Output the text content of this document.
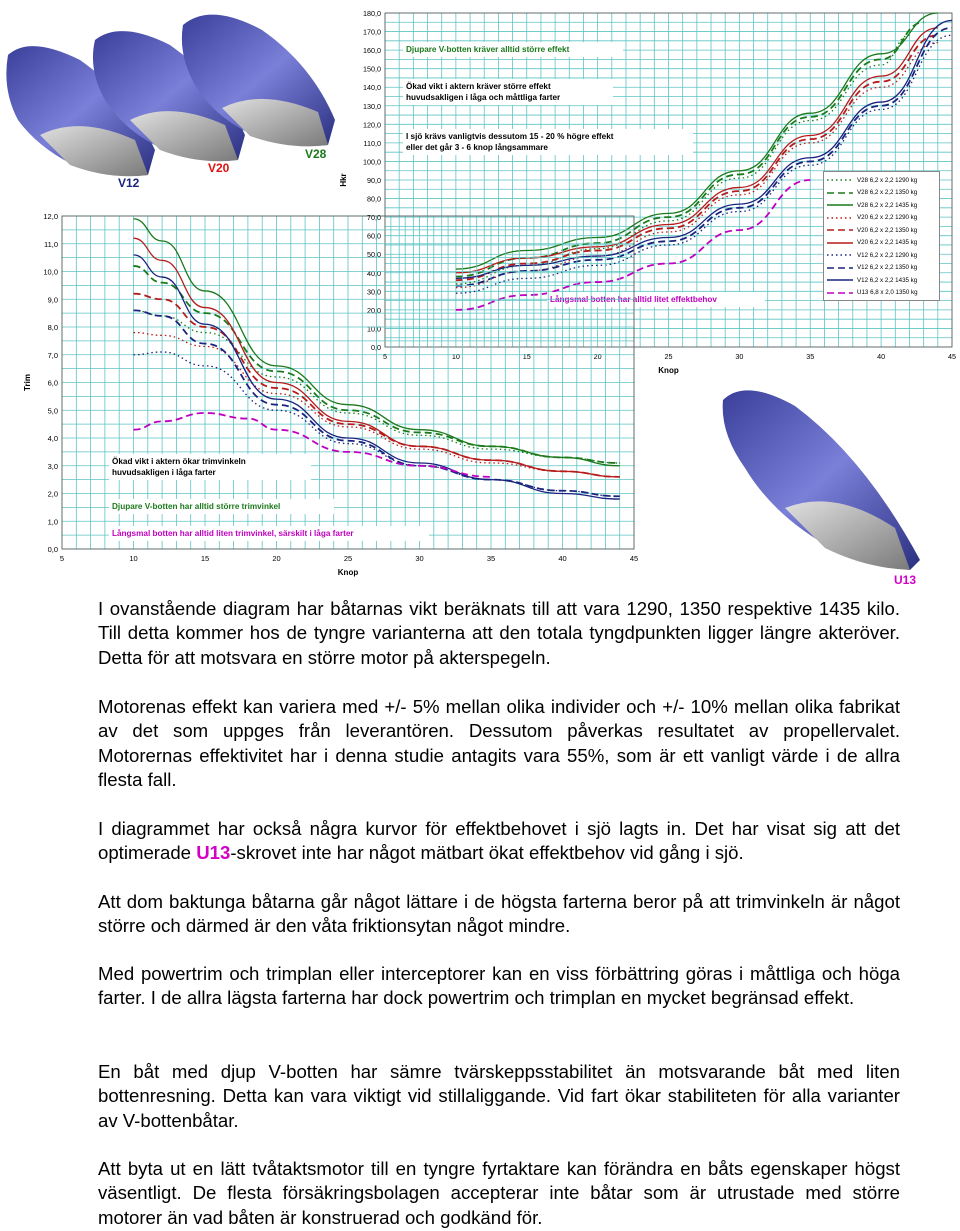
V12
V20
V28
U13
5	10	15	20	25	30	35	40	45
0,0
10,0
20,0
30,0
40,0
50,0
60,0
70,0
80,0
90,0
100,0
110,0
120,0
130,0
140,0
150,0
160,0
170,0
180,0
Knop
Hkr
Djupare V-botten kräver alltid större effekt
Ökad vikt i aktern kräver större effekt
huvudsakligen i låga och måttliga farter
I sjö krävs vanligtvis dessutom 15 - 20 % högre effekt
eller det går 3 - 6 knop långsammare
Långsmal botten har alltid litet effektbehov
5	10	15	20	25	30	35	40	45
0,0
1,0
2,0
3,0
4,0
5,0
6,0
7,0
8,0
9,0
10,0
11,0
12,0
Knop
Trim
Ökad vikt i aktern ökar trimvinkeln
huvudsakligen i låga farter
Djupare V-botten har alltid större trimvinkel
Långsmal botten har alltid liten trimvinkel, särskilt i låga farter
V28 6,2 x 2,2 1290 kg
V28 6,2 x 2,2 1350 kg
V28 6,2 x 2,2 1435 kg
V20 6,2 x 2,2 1290 kg
V20 6,2 x 2,2 1350 kg
V20 6,2 x 2,2 1435 kg
V12 6,2 x 2,2 1290 kg
V12 6,2 x 2,2 1350 kg
V12 6,2 x 2,2 1435 kg
U13 6,8 x 2,0 1350 kg

I ovanstående diagram har båtarnas vikt beräknats till att vara 1290, 1350 respektive 1435 kilo. Till detta kommer hos de tyngre varianterna att den totala tyngdpunkten ligger längre akteröver. Detta för att motsvara en större motor på akterspegeln.

Motorenas effekt kan variera med +/- 5% mellan olika individer och +/- 10% mellan olika fabrikat av det som uppges från leverantören. Dessutom påverkas resultatet av propellervalet. Motorernas effektivitet har i denna studie antagits vara 55%, som är ett vanligt värde i de allra flesta fall.

I diagrammet har också några kurvor för effektbehovet i sjö lagts in. Det har visat sig att det optimerade U13-skrovet inte har något mätbart ökat effektbehov vid gång i sjö.

Att dom baktunga båtarna går något lättare i de högsta farterna beror på att trimvinkeln är något större och därmed är den våta friktionsytan något mindre.

Med powertrim och trimplan eller interceptorer kan en viss förbättring göras i måttliga och höga farter. I de allra lägsta farterna har dock powertrim och trimplan en mycket begränsad effekt.

En båt med djup V-botten har sämre tvärskeppsstabilitet än motsvarande båt med liten bottenresning. Detta kan vara viktigt vid stillaliggande. Vid fart ökar stabiliteten för alla varianter av V-bottenbåtar.

Att byta ut en lätt tvåtaktsmotor till en tyngre fyrtaktare kan förändra en båts egenskaper högst väsentligt. De flesta försäkringsbolagen accepterar inte båtar som är utrustade med större motorer än vad båten är konstruerad och godkänd för.
